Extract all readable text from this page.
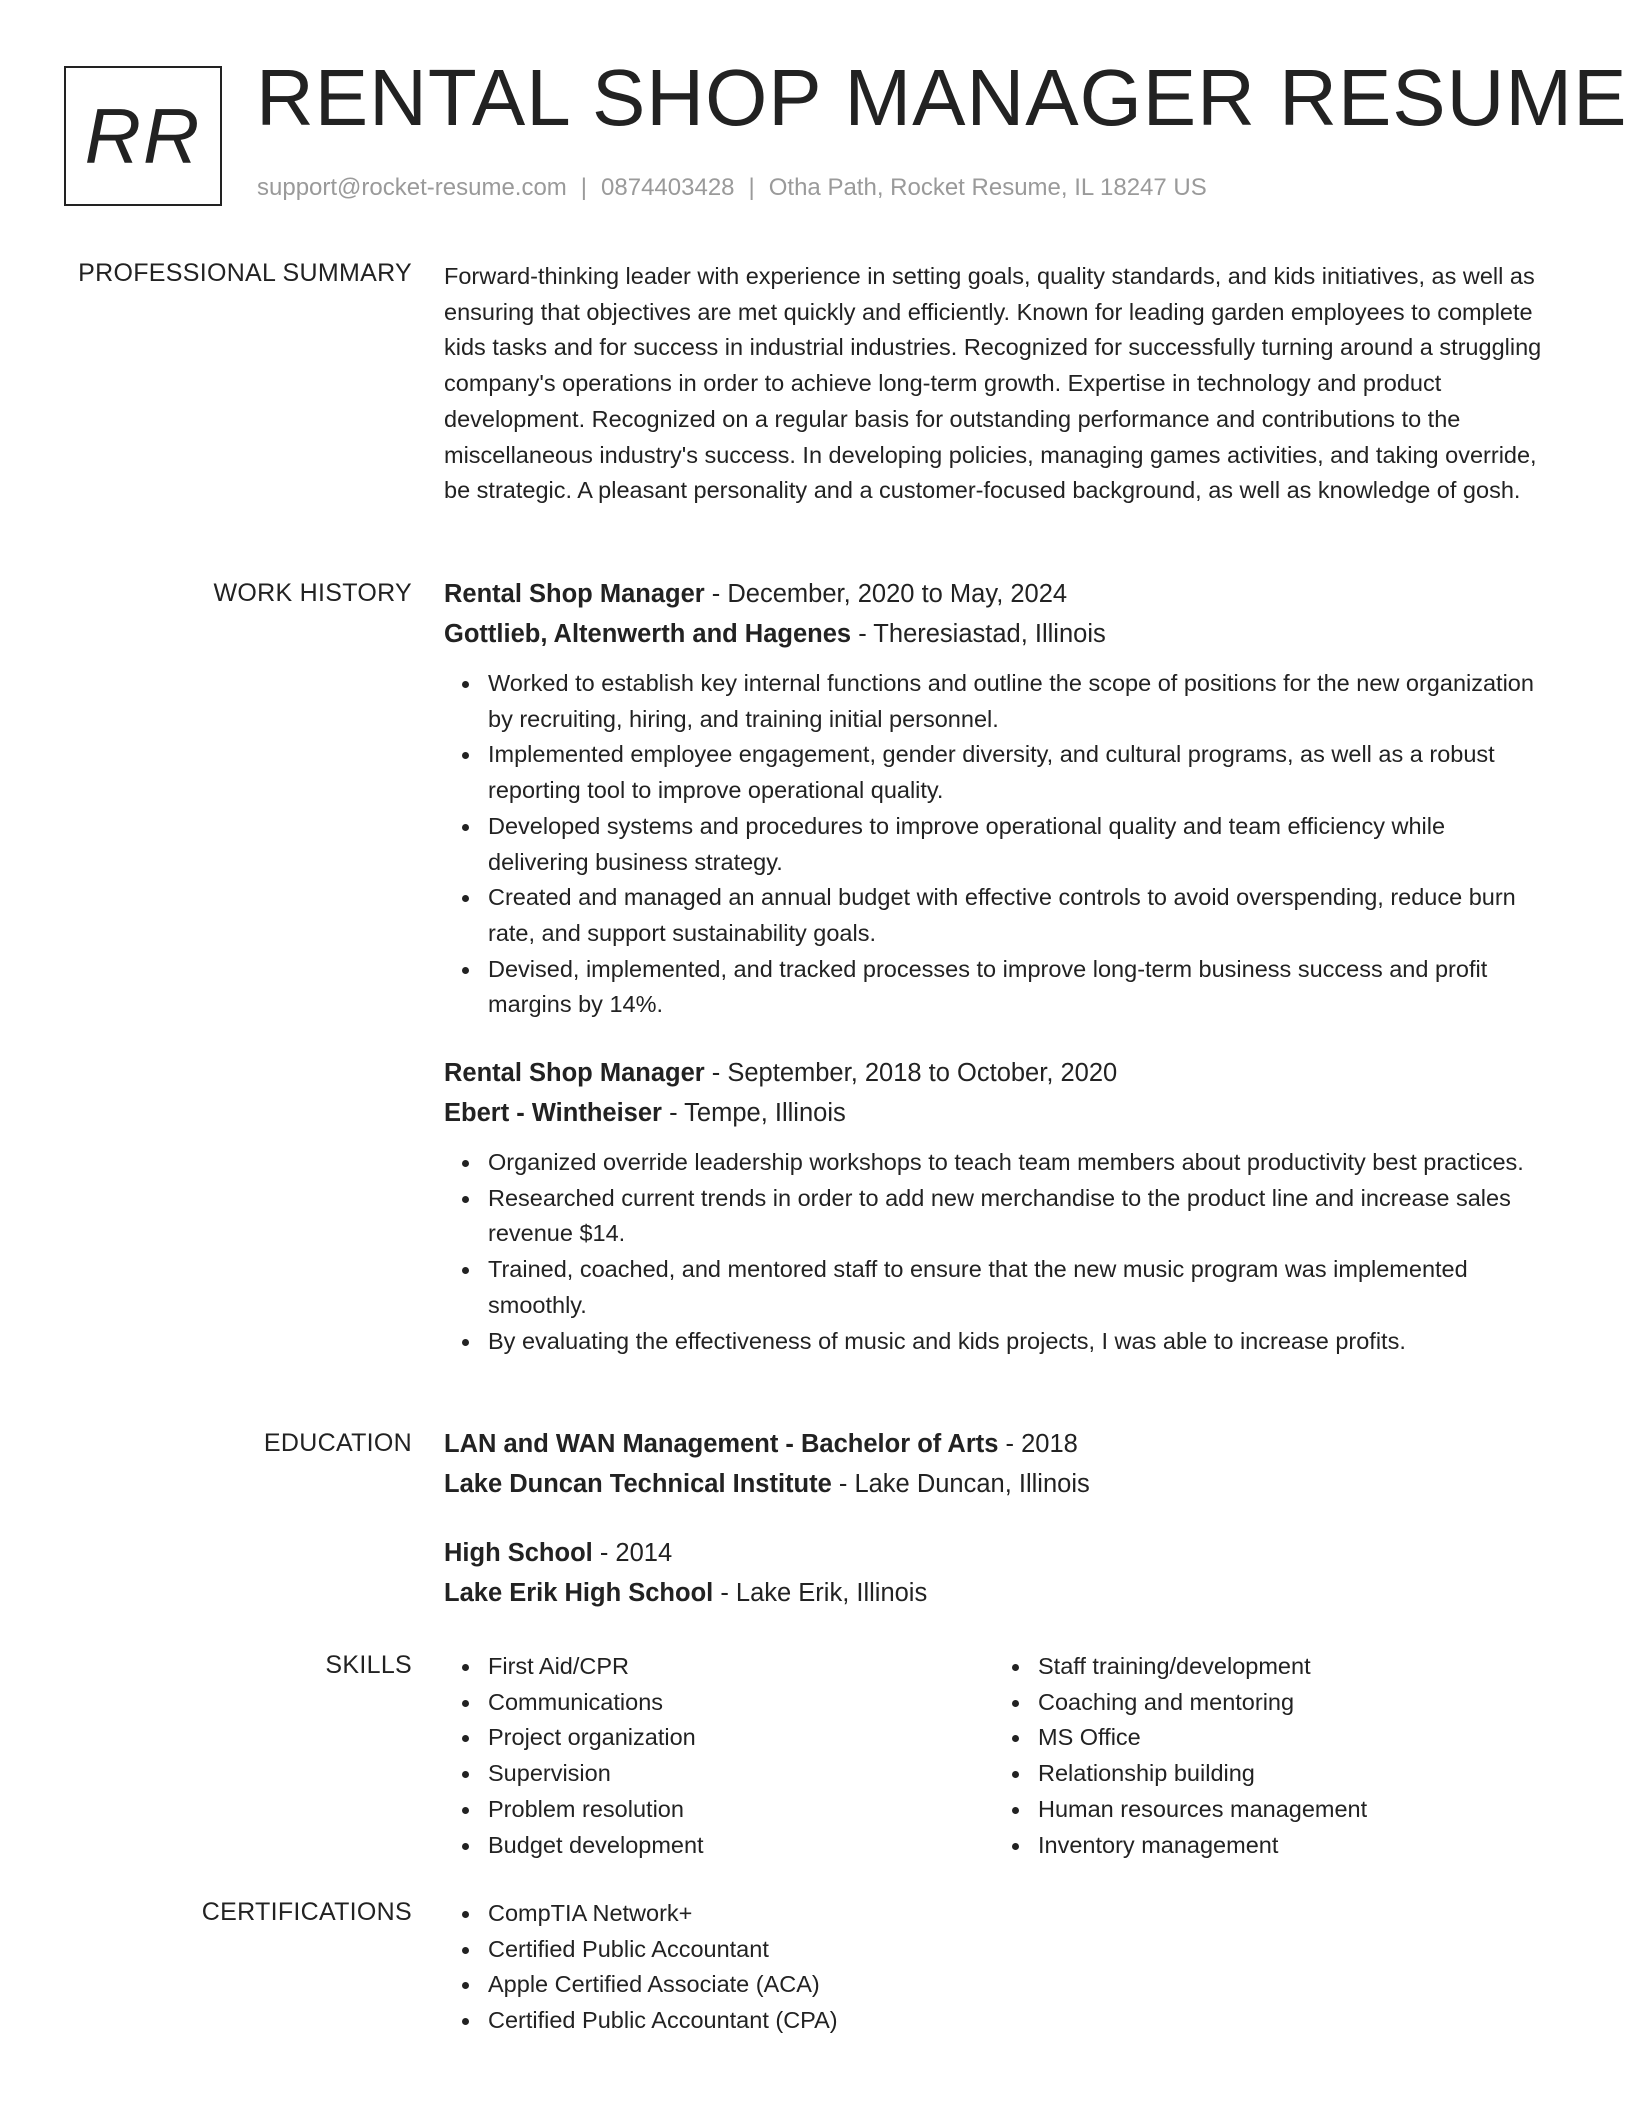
RR RENTAL SHOP MANAGER RESUME
support@rocket-resume.com | 0874403428 | Otha Path, Rocket Resume, IL 18247 US
PROFESSIONAL SUMMARY Forward-thinking leader with experience in setting goals, quality standards, and kids initiatives, as well as ensuring that objectives are met quickly and efficiently. Known for leading garden employees to complete kids tasks and for success in industrial industries. Recognized for successfully turning around a struggling company's operations in order to achieve long-term growth. Expertise in technology and product development. Recognized on a regular basis for outstanding performance and contributions to the miscellaneous industry's success. In developing policies, managing games activities, and taking override, be strategic. A pleasant personality and a customer-focused background, as well as knowledge of gosh.

WORK HISTORY Rental Shop Manager - December, 2020 to May, 2024
Gottlieb, Altenwerth and Hagenes - Theresiastad, Illinois
Worked to establish key internal functions and outline the scope of positions for the new organization by recruiting, hiring, and training initial personnel.
Implemented employee engagement, gender diversity, and cultural programs, as well as a robust reporting tool to improve operational quality.
Developed systems and procedures to improve operational quality and team efficiency while delivering business strategy.
Created and managed an annual budget with effective controls to avoid overspending, reduce burn rate, and support sustainability goals.
Devised, implemented, and tracked processes to improve long-term business success and profit margins by 14%.
Rental Shop Manager - September, 2018 to October, 2020
Ebert - Wintheiser - Tempe, Illinois
Organized override leadership workshops to teach team members about productivity best practices.
Researched current trends in order to add new merchandise to the product line and increase sales revenue $14.
Trained, coached, and mentored staff to ensure that the new music program was implemented smoothly.
By evaluating the effectiveness of music and kids projects, I was able to increase profits.
EDUCATION LAN and WAN Management - Bachelor of Arts - 2018
Lake Duncan Technical Institute - Lake Duncan, Illinois
High School - 2014
Lake Erik High School - Lake Erik, Illinois
SKILLS	First Aid/CPR
Communications
Project organization
Supervision
Problem resolution
Budget development
Staff training/development
Coaching and mentoring
MS Office
Relationship building
Human resources management
Inventory management
CERTIFICATIONS	CompTIA Network+
Certified Public Accountant
Apple Certified Associate (ACA)
Certified Public Accountant (CPA)
